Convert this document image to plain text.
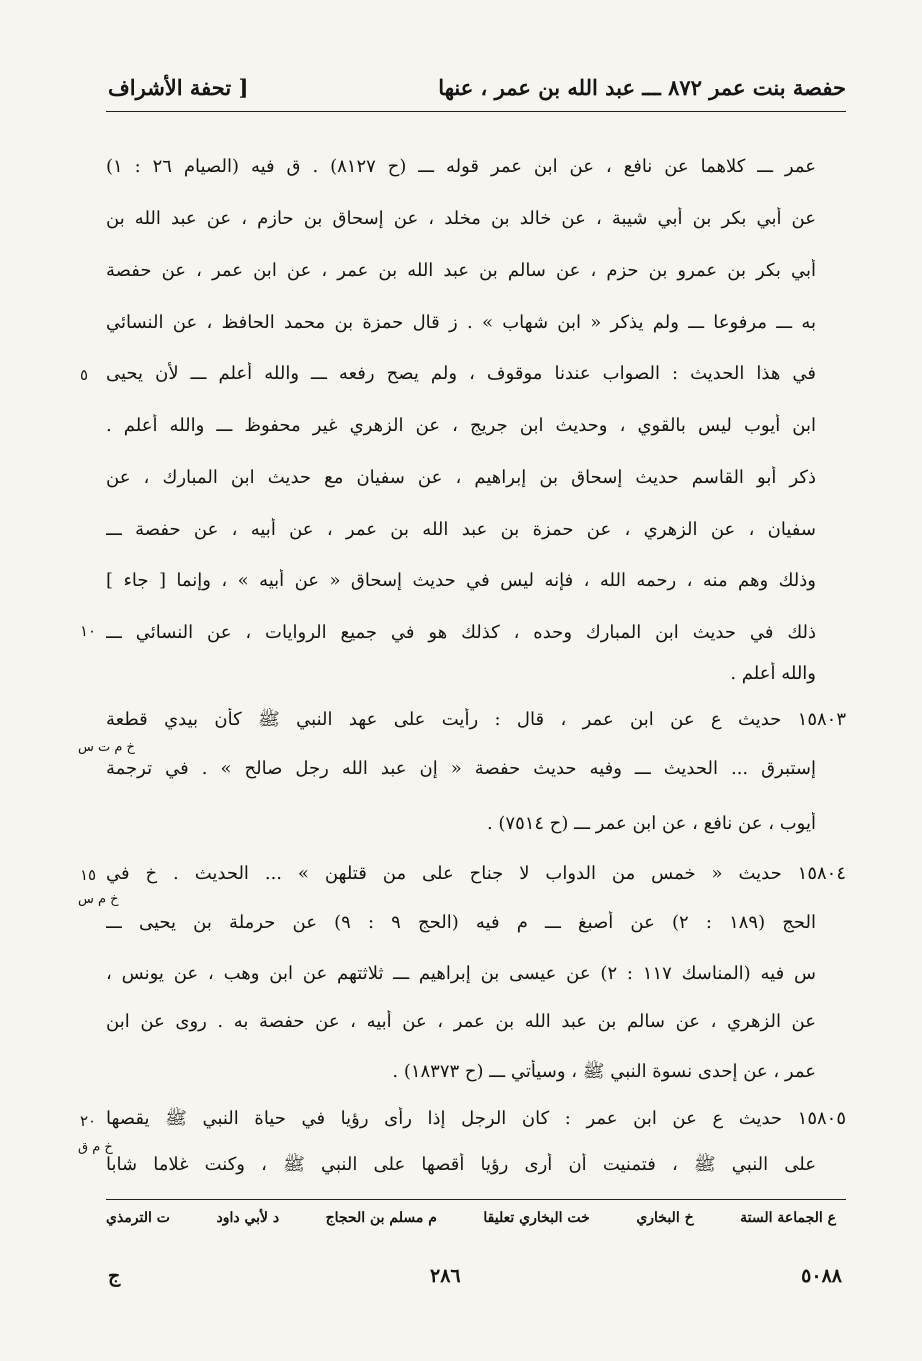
حفصة بنت عمر ٨٧٢ ـــ عبد الله بن عمر ، عنها
[ تحفة الأشراف
عمر ـــ كلاهما عن نافع ، عن ابن عمر قوله ـــ (ح ٨١٢٧) . ق فيه (الصيام ٢٦ : ١)
عن أبي بكر بن أبي شيبة ، عن خالد بن مخلد ، عن إسحاق بن حازم ، عن عبد الله بن
أبي بكر بن عمرو بن حزم ، عن سالم بن عبد الله بن عمر ، عن ابن عمر ، عن حفصة
به ـــ مرفوعا ـــ ولم يذكر « ابن شهاب » . ز قال حمزة بن محمد الحافظ ، عن النسائي
في هذا الحديث : الصواب عندنا موقوف ، ولم يصح رفعه ـــ والله أعلم ـــ لأن يحيى
ابن أيوب ليس بالقوي ، وحديث ابن جريج ، عن الزهري غير محفوظ ـــ والله أعلم .
ذكر أبو القاسم حديث إسحاق بن إبراهيم ، عن سفيان مع حديث ابن المبارك ، عن
سفيان ، عن الزهري ، عن حمزة بن عبد الله بن عمر ، عن أبيه ، عن حفصة ـــ
وذلك وهم منه ، رحمه الله ، فإنه ليس في حديث إسحاق « عن أبيه » ، وإنما [ جاء ]
ذلك في حديث ابن المبارك وحده ، كذلك هو في جميع الروايات ، عن النسائي ـــ
والله أعلم .
١٥٨٠٣ حديث ع عن ابن عمر ، قال : رأيت على عهد النبي ﷺ كأن بيدي قطعة
إستبرق ... الحديث ـــ وفيه حديث حفصة « إن عبد الله رجل صالح » . في ترجمة
أيوب ، عن نافع ، عن ابن عمر ـــ (ح ٧٥١٤) .
١٥٨٠٤ حديث « خمس من الدواب لا جناح على من قتلهن » ... الحديث . خ في
الحج (١٨٩ : ٢) عن أصبغ ـــ م فيه (الحج ٩ : ٩) عن حرملة بن يحيى ـــ
س فيه (المناسك ١١٧ : ٢) عن عيسى بن إبراهيم ـــ ثلاثتهم عن ابن وهب ، عن يونس ،
عن الزهري ، عن سالم بن عبد الله بن عمر ، عن أبيه ، عن حفصة به . روى عن ابن
عمر ، عن إحدى نسوة النبي ﷺ ، وسيأتي ـــ (ح ١٨٣٧٣) .
١٥٨٠٥ حديث ع عن ابن عمر : كان الرجل إذا رأى رؤيا في حياة النبي ﷺ يقصها
على النبي ﷺ ، فتمنيت أن أرى رؤيا أقصها على النبي ﷺ ، وكنت غلاما شابا
٥
١٠
١٥
٢٠
خ م ت س
خ م س
خ م ق
ع الجماعة الستة
خ البخاري
خت البخاري تعليقا
م مسلم بن الحجاج
د لأبي داود
ت الترمذي
٥٠٨٨
٢٨٦
ج
